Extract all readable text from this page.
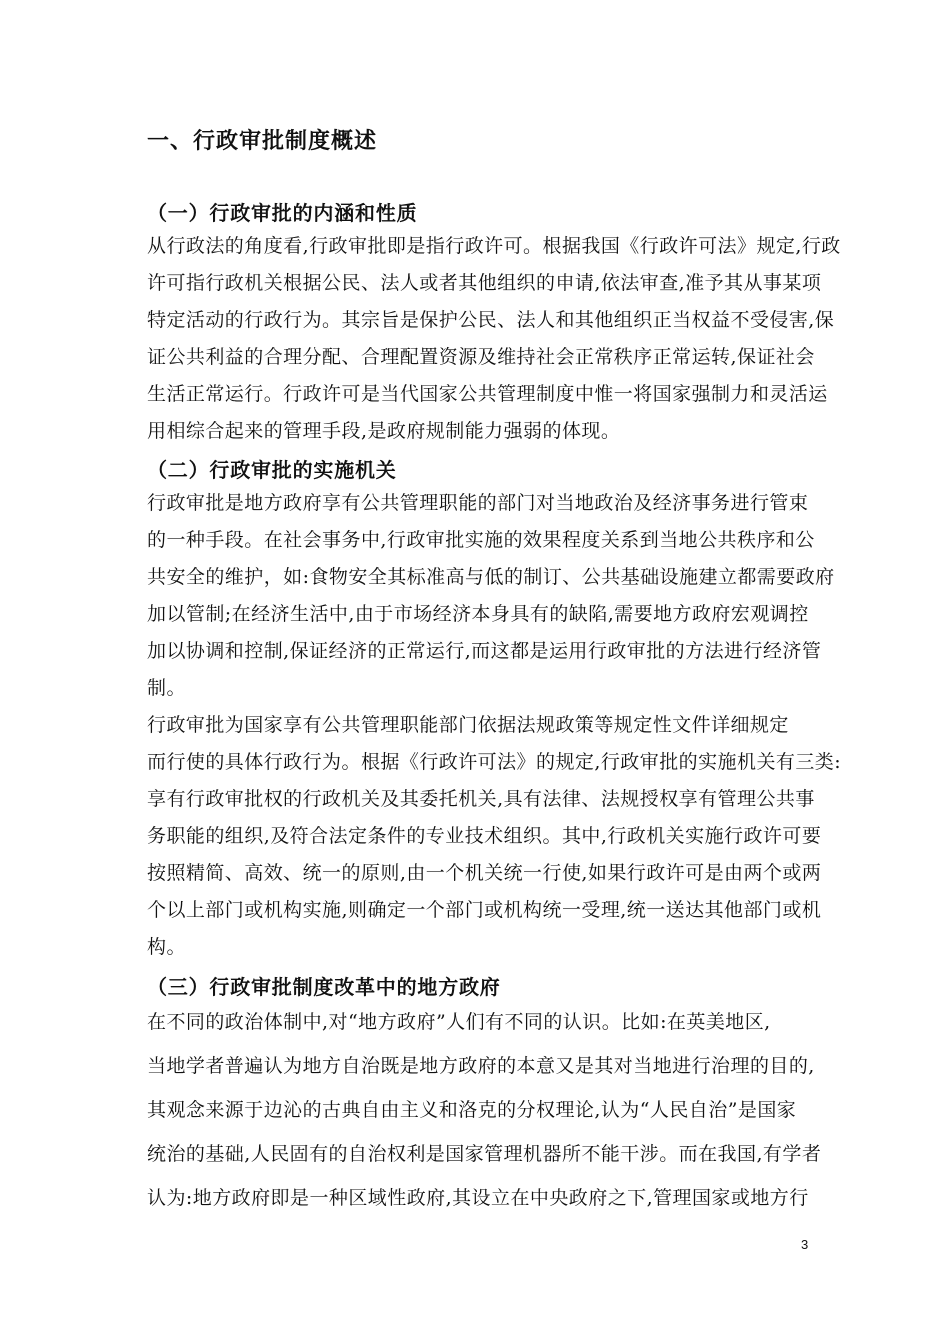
一、行政审批制度概述
（一）行政审批的内涵和性质
从行政法的角度看,行政审批即是指行政许可。根据我国《行政许可法》规定,行政
许可指行政机关根据公民、法人或者其他组织的申请,依法审查,准予其从事某项
特定活动的行政行为。其宗旨是保护公民、法人和其他组织正当权益不受侵害,保
证公共利益的合理分配、合理配置资源及维持社会正常秩序正常运转,保证社会
生活正常运行。行政许可是当代国家公共管理制度中惟一将国家强制力和灵活运
用相综合起来的管理手段,是政府规制能力强弱的体现。
（二）行政审批的实施机关
行政审批是地方政府享有公共管理职能的部门对当地政治及经济事务进行管束
的一种手段。在社会事务中,行政审批实施的效果程度关系到当地公共秩序和公
共安全的维护，如:食物安全其标准高与低的制订、公共基础设施建立都需要政府
加以管制;在经济生活中,由于市场经济本身具有的缺陷,需要地方政府宏观调控
加以协调和控制,保证经济的正常运行,而这都是运用行政审批的方法进行经济管
制。
行政审批为国家享有公共管理职能部门依据法规政策等规定性文件详细规定
而行使的具体行政行为。根据《行政许可法》的规定,行政审批的实施机关有三类:
享有行政审批权的行政机关及其委托机关,具有法律、法规授权享有管理公共事
务职能的组织,及符合法定条件的专业技术组织。其中,行政机关实施行政许可要
按照精简、高效、统一的原则,由一个机关统一行使,如果行政许可是由两个或两
个以上部门或机构实施,则确定一个部门或机构统一受理,统一送达其他部门或机
构。
（三）行政审批制度改革中的地方政府
在不同的政治体制中,对“地方政府”人们有不同的认识。比如:在英美地区,
当地学者普遍认为地方自治既是地方政府的本意又是其对当地进行治理的目的,
其观念来源于边沁的古典自由主义和洛克的分权理论,认为“人民自治”是国家
统治的基础,人民固有的自治权利是国家管理机器所不能干涉。而在我国,有学者
认为:地方政府即是一种区域性政府,其设立在中央政府之下,管理国家或地方行
3
